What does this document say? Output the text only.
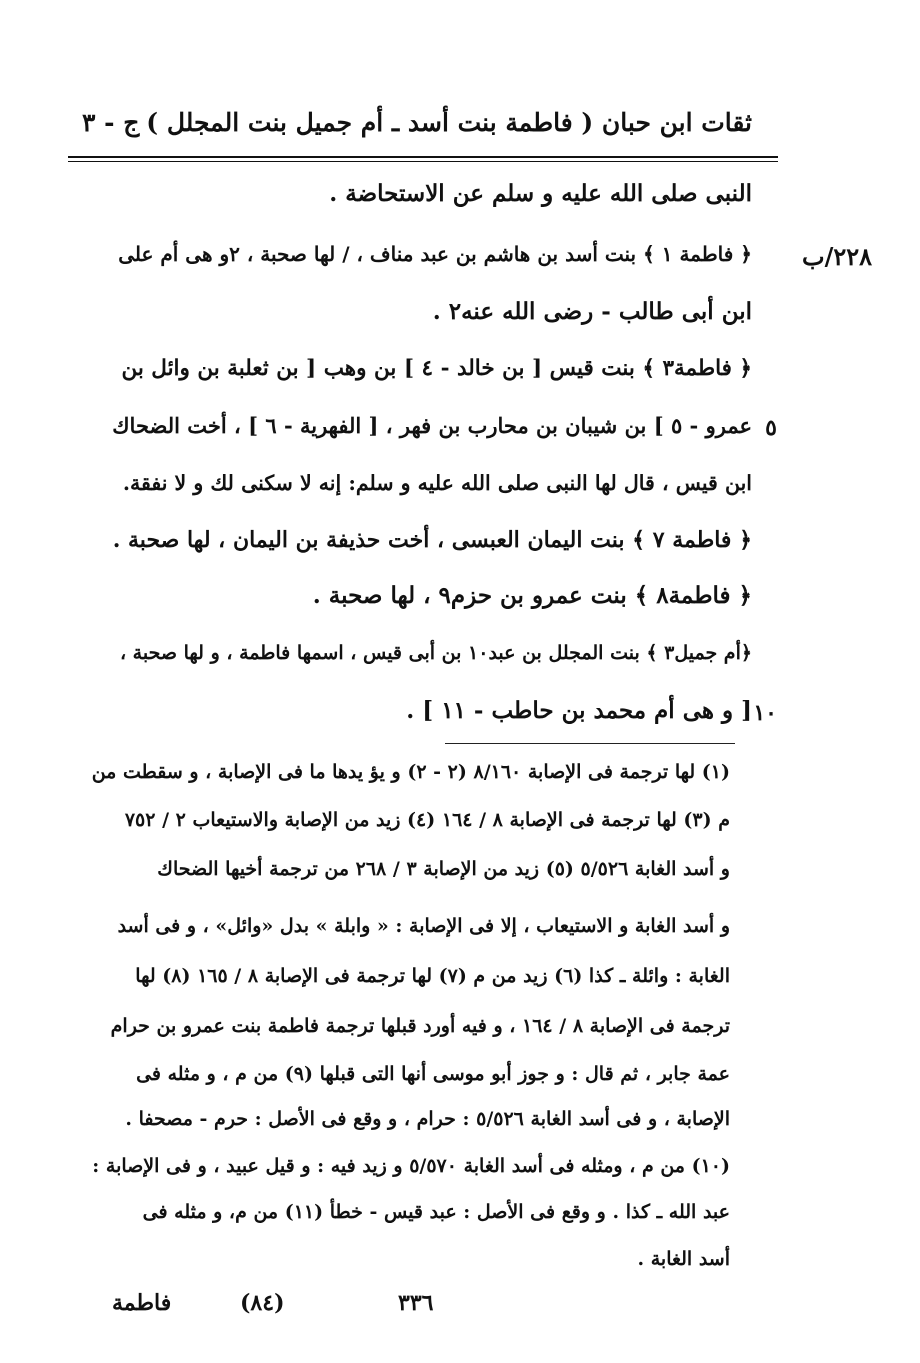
ثقات ابن حبان ( فاطمة بنت أسد ـ أم جميل بنت المجلل )
ج - ٣
٢٢٨/ب
٥
١٠
النبى صلى الله عليه و سلم عن الاستحاضة .
﴿ فاطمة ١ ﴾ بنت أسد بن هاشم بن عبد مناف ، / لها صحبة ، ٢و هى أم على
ابن أبى طالب - رضى الله عنه٢ .
﴿ فاطمة٣ ﴾ بنت قيس [ بن خالد - ٤ ] بن وهب [ بن ثعلبة بن وائل بن
عمرو - ٥ ] بن شيبان بن محارب بن فهر ، [ الفهرية - ٦ ] ، أخت الضحاك
ابن قيس ، قال لها النبى صلى الله عليه و سلم: إنه لا سكنى لك و لا نفقة.
﴿ فاطمة ٧ ﴾ بنت اليمان العبسى ، أخت حذيفة بن اليمان ، لها صحبة .
﴿ فاطمة٨ ﴾ بنت عمرو بن حزم٩ ، لها صحبة .
﴿أم جميل٣ ﴾ بنت المجلل بن عبد١٠ بن أبى قيس ، اسمها فاطمة ، و لها صحبة ،
[ و هى أم محمد بن حاطب - ١١ ] .
(١) لها ترجمة فى الإصابة ٨/١٦٠ (٢ - ٢) و يؤ يدها ما فى الإصابة ، و سقطت من
م (٣) لها ترجمة فى الإصابة ٨ / ١٦٤ (٤) زيد من الإصابة والاستيعاب ٢ / ٧٥٢
و أسد الغابة ٥/٥٢٦ (٥) زيد من الإصابة ٣ / ٢٦٨ من ترجمة أخيها الضحاك
و أسد الغابة و الاستيعاب ، إلا فى الإصابة : « وابلة » بدل «وائل» ، و فى أسد
الغابة : وائلة ـ كذا (٦) زيد من م (٧) لها ترجمة فى الإصابة ٨ / ١٦٥ (٨) لها
ترجمة فى الإصابة ٨ / ١٦٤ ، و فيه أورد قبلها ترجمة فاطمة بنت عمرو بن حرام
عمة جابر ، ثم قال : و جوز أبو موسى أنها التى قبلها (٩) من م ، و مثله فى
الإصابة ، و فى أسد الغابة ٥/٥٢٦ : حرام ، و وقع فى الأصل : حرم - مصحفا .
(١٠) من م ، ومثله فى أسد الغابة ٥/٥٧٠ و زيد فيه : و قيل عبيد ، و فى الإصابة :
عبد الله ـ كذا . و وقع فى الأصل : عبد قيس - خطأ (١١) من م، و مثله فى
أسد الغابة .
فاطمة	(٨٤)	٣٣٦
